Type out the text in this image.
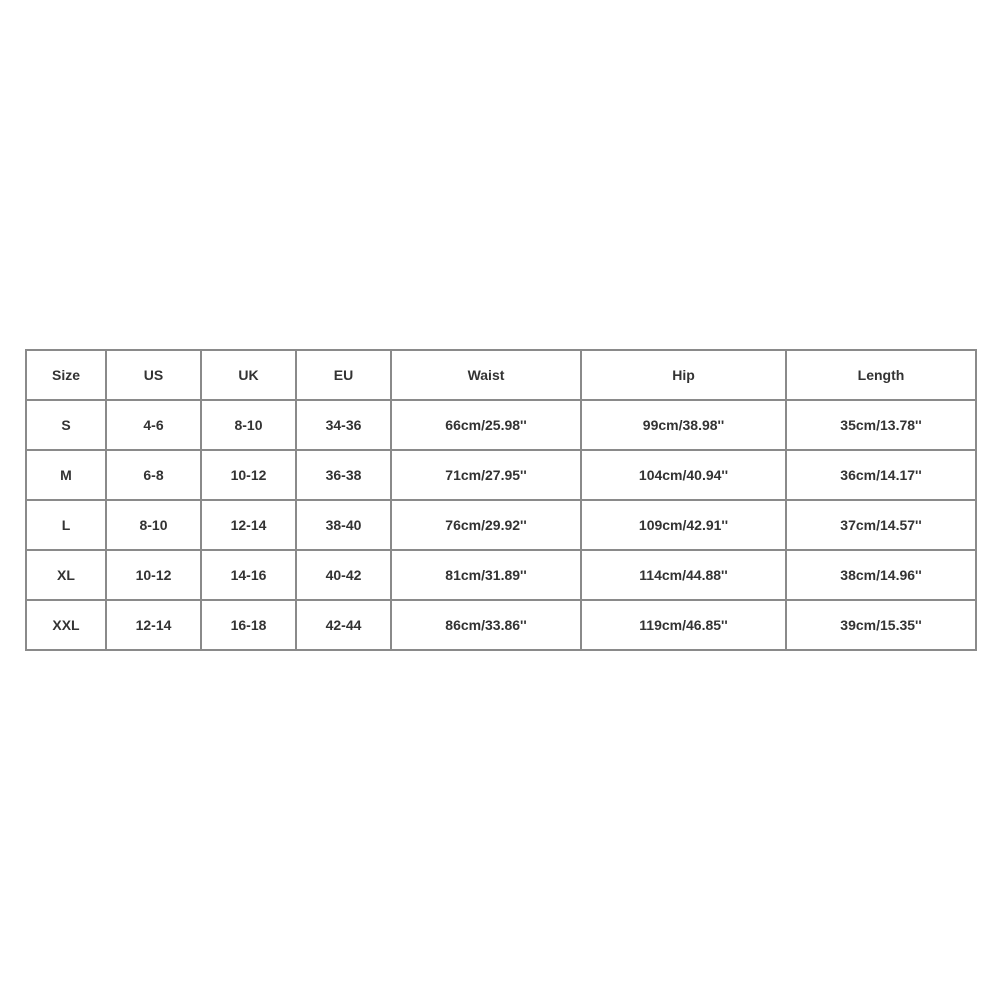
Size	US	UK	EU	Waist	Hip	Length
S	4-6	8-10	34-36	66cm/25.98''	99cm/38.98''	35cm/13.78''
M	6-8	10-12	36-38	71cm/27.95''	104cm/40.94''	36cm/14.17''
L	8-10	12-14	38-40	76cm/29.92''	109cm/42.91''	37cm/14.57''
XL	10-12	14-16	40-42	81cm/31.89''	114cm/44.88''	38cm/14.96''
XXL	12-14	16-18	42-44	86cm/33.86''	119cm/46.85''	39cm/15.35''
